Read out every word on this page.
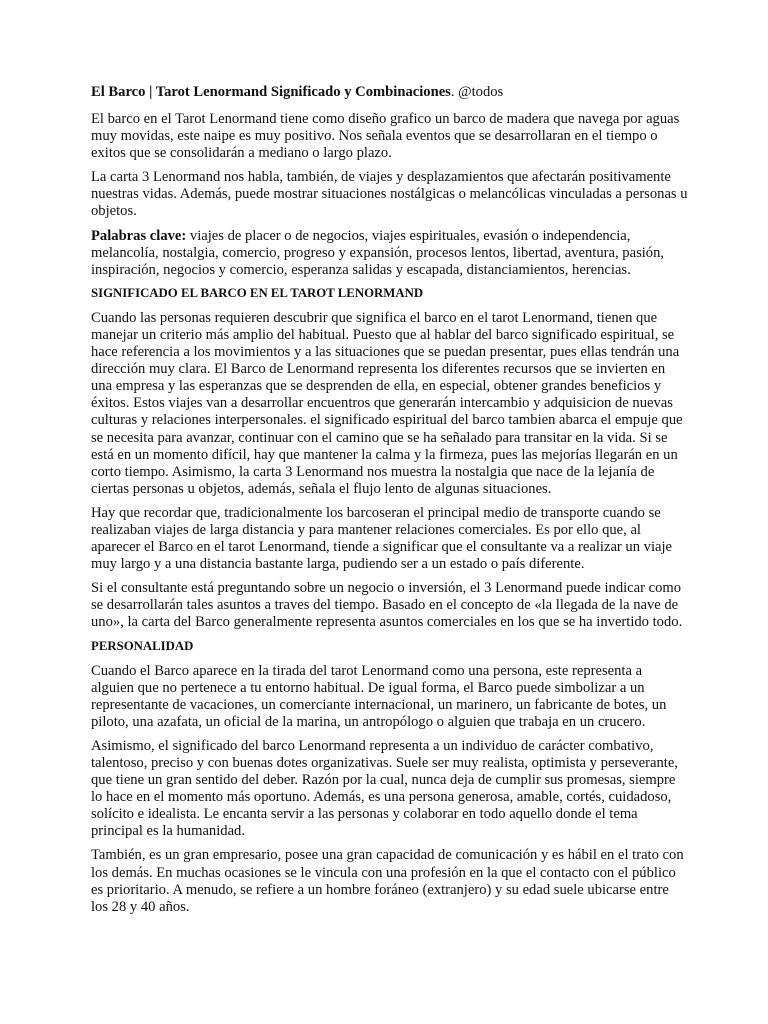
El Barco | Tarot Lenormand Significado y Combinaciones. @todos

El barco en el Tarot Lenormand tiene como diseño grafico un barco de madera que navega por aguas muy movidas, este naipe es muy positivo. Nos señala eventos que se desarrollaran en el tiempo o exitos que se consolidarán a mediano o largo plazo.

La carta 3 Lenormand nos habla, también, de viajes y desplazamientos que afectarán positivamente nuestras vidas. Además, puede mostrar situaciones nostálgicas o melancólicas vinculadas a personas u objetos.

Palabras clave: viajes de placer o de negocios, viajes espirituales, evasión o independencia, melancolía, nostalgia, comercio, progreso y expansión, procesos lentos, libertad, aventura, pasión, inspiración, negocios y comercio, esperanza salidas y escapada, distanciamientos, herencias.

SIGNIFICADO EL BARCO EN EL TAROT LENORMAND

Cuando las personas requieren descubrir que significa el barco en el tarot Lenormand, tienen que manejar un criterio más amplio del habitual. Puesto que al hablar del barco significado espiritual, se hace referencia a los movimientos y a las situaciones que se puedan presentar, pues ellas tendrán una dirección muy clara. El Barco de Lenormand representa los diferentes recursos que se invierten en una empresa y las esperanzas que se desprenden de ella, en especial, obtener grandes beneficios y éxitos. Estos viajes van a desarrollar encuentros que generarán intercambio y adquisicion de nuevas culturas y relaciones interpersonales. el significado espiritual del barco tambien abarca el empuje que se necesita para avanzar, continuar con el camino que se ha señalado para transitar en la vida. Si se está en un momento difícil, hay que mantener la calma y la firmeza, pues las mejorías llegarán en un corto tiempo. Asimismo, la carta 3 Lenormand nos muestra la nostalgia que nace de la lejanía de ciertas personas u objetos, además, señala el flujo lento de algunas situaciones.

Hay que recordar que, tradicionalmente los barcoseran el principal medio de transporte cuando se realizaban viajes de larga distancia y para mantener relaciones comerciales. Es por ello que, al aparecer el Barco en el tarot Lenormand, tiende a significar que el consultante va a realizar un viaje muy largo y a una distancia bastante larga, pudiendo ser a un estado o país diferente.

Si el consultante está preguntando sobre un negocio o inversión, el 3 Lenormand puede indicar como se desarrollarán tales asuntos a traves del tiempo. Basado en el concepto de «la llegada de la nave de uno», la carta del Barco generalmente representa asuntos comerciales en los que se ha invertido todo.

PERSONALIDAD

Cuando el Barco aparece en la tirada del tarot Lenormand como una persona, este representa a alguien que no pertenece a tu entorno habitual. De igual forma, el Barco puede simbolizar a un representante de vacaciones, un comerciante internacional, un marinero, un fabricante de botes, un piloto, una azafata, un oficial de la marina, un antropólogo o alguien que trabaja en un crucero.

Asimismo, el significado del barco Lenormand representa a un individuo de carácter combativo, talentoso, preciso y con buenas dotes organizativas. Suele ser muy realista, optimista y perseverante, que tiene un gran sentido del deber. Razón por la cual, nunca deja de cumplir sus promesas, siempre lo hace en el momento más oportuno. Además, es una persona generosa, amable, cortés, cuidadoso, solícito e idealista. Le encanta servir a las personas y colaborar en todo aquello donde el tema principal es la humanidad.

También, es un gran empresario, posee una gran capacidad de comunicación y es hábil en el trato con los demás. En muchas ocasiones se le vincula con una profesión en la que el contacto con el público es prioritario. A menudo, se refiere a un hombre foráneo (extranjero) y su edad suele ubicarse entre los 28 y 40 años.
